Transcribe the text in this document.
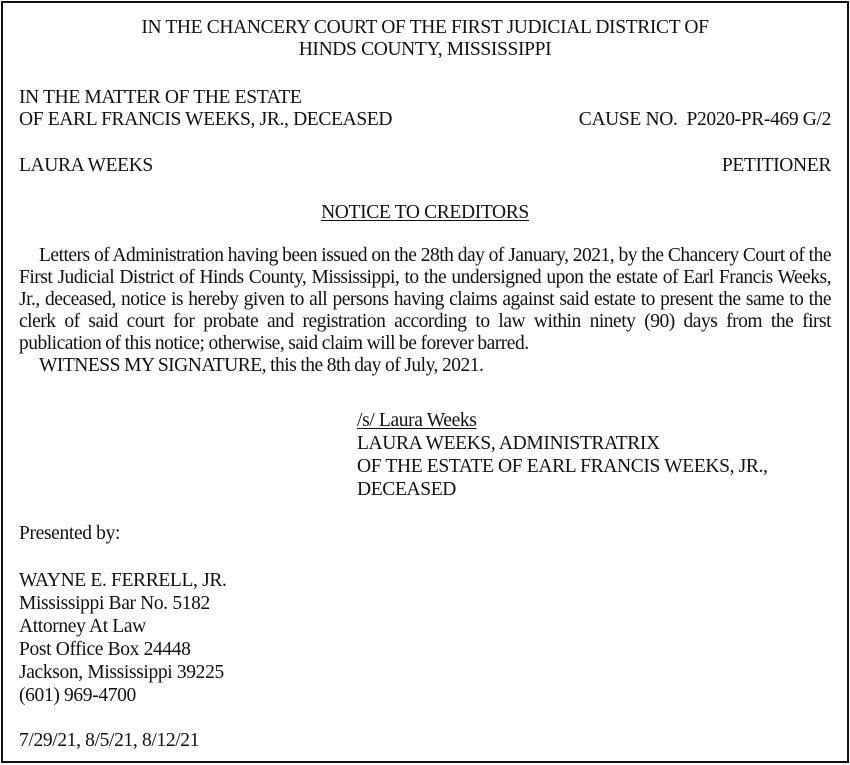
IN THE CHANCERY COURT OF THE FIRST JUDICIAL DISTRICT OF
HINDS COUNTY, MISSISSIPPI
IN THE MATTER OF THE ESTATE
OF EARL FRANCIS WEEKS, JR., DECEASED	CAUSE NO.  P2020-PR-469 G/2
LAURA WEEKS	PETITIONER
NOTICE TO CREDITORS

Letters of Administration having been issued on the 28th day of January, 2021, by the Chancery Court of the First Judicial District of Hinds County, Mississippi, to the undersigned upon the estate of Earl Francis Weeks, Jr., deceased, notice is hereby given to all persons having claims against said estate to present the same to the clerk of said court for probate and registration according to law within ninety (90) days from the first publication of this notice; otherwise, said claim will be forever barred.

WITNESS MY SIGNATURE, this the 8th day of July, 2021.

/s/ Laura Weeks
LAURA WEEKS, ADMINISTRATRIX
OF THE ESTATE OF EARL FRANCIS WEEKS, JR.,
DECEASED
Presented by:
WAYNE E. FERRELL, JR.
Mississippi Bar No. 5182
Attorney At Law
Post Office Box 24448
Jackson, Mississippi 39225
(601) 969-4700
7/29/21, 8/5/21, 8/12/21
